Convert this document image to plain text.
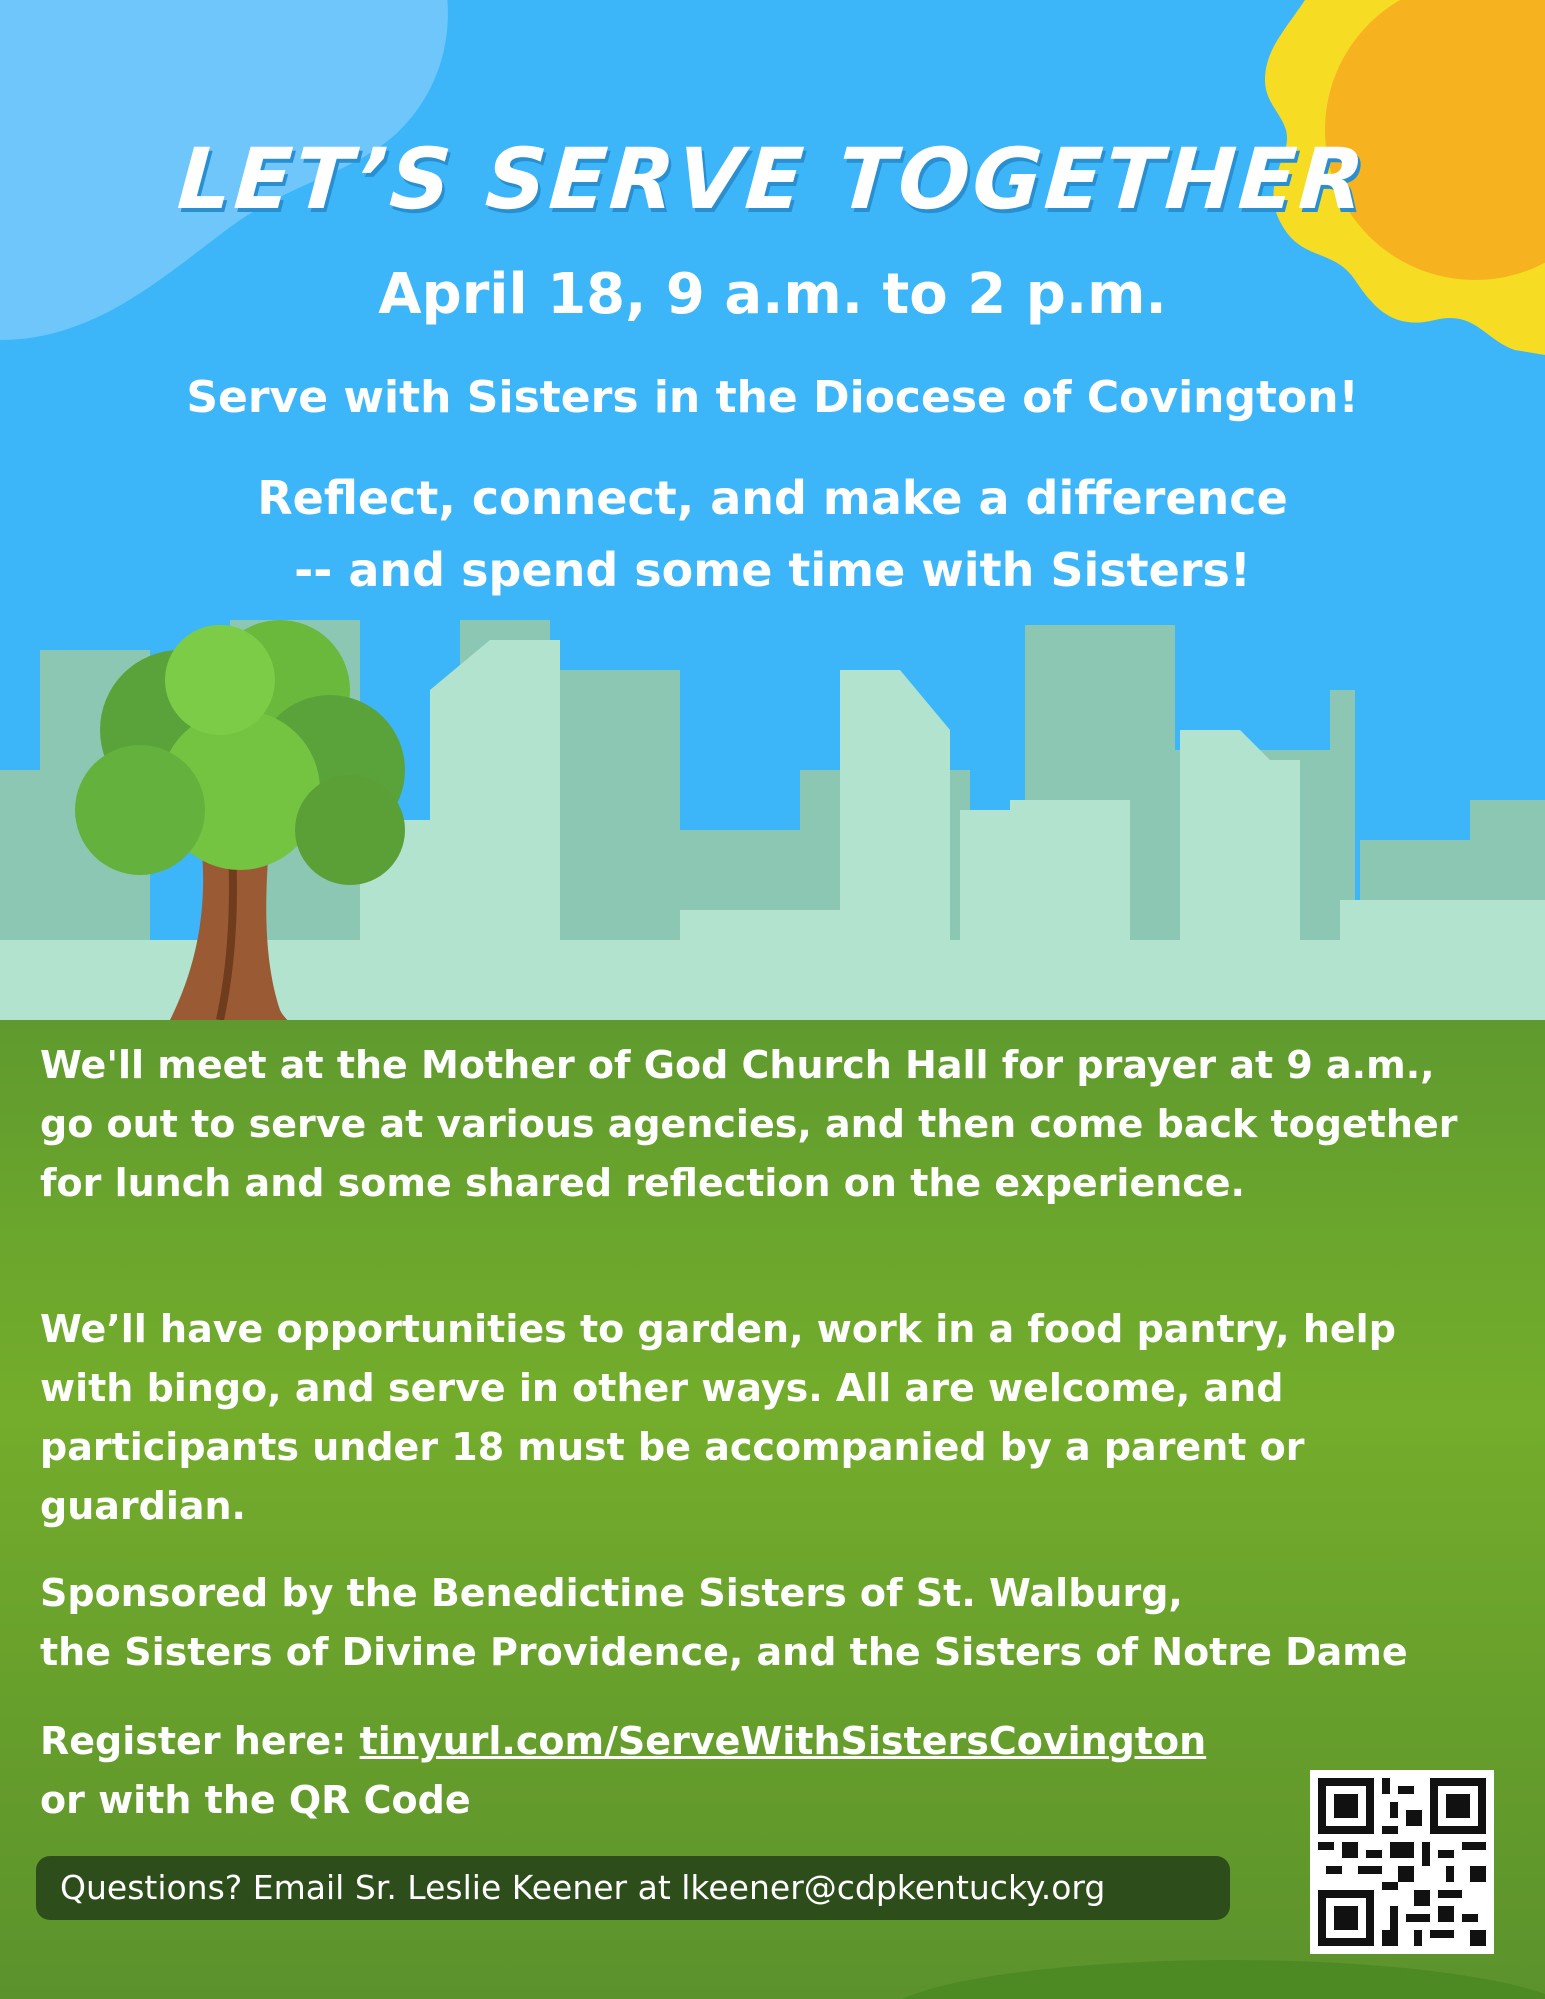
LET’S SERVE TOGETHER
April 18, 9 a.m. to 2 p.m.
Serve with Sisters in the Diocese of Covington!
Reflect, connect, and make a difference
-- and spend some time with Sisters!
We'll meet at the Mother of God Church Hall for prayer at 9 a.m., go out to serve at various agencies, and then come back together for lunch and some shared reflection on the experience.
We’ll have opportunities to garden, work in a food pantry, help with bingo, and serve in other ways. All are welcome, and participants under 18 must be accompanied by a parent or guardian.
Sponsored by the Benedictine Sisters of St. Walburg,
the Sisters of Divine Providence, and the Sisters of Notre Dame
Register here: tinyurl.com/ServeWithSistersCovington
or with the QR Code
Questions? Email Sr. Leslie Keener at lkeener@cdpkentucky.org
